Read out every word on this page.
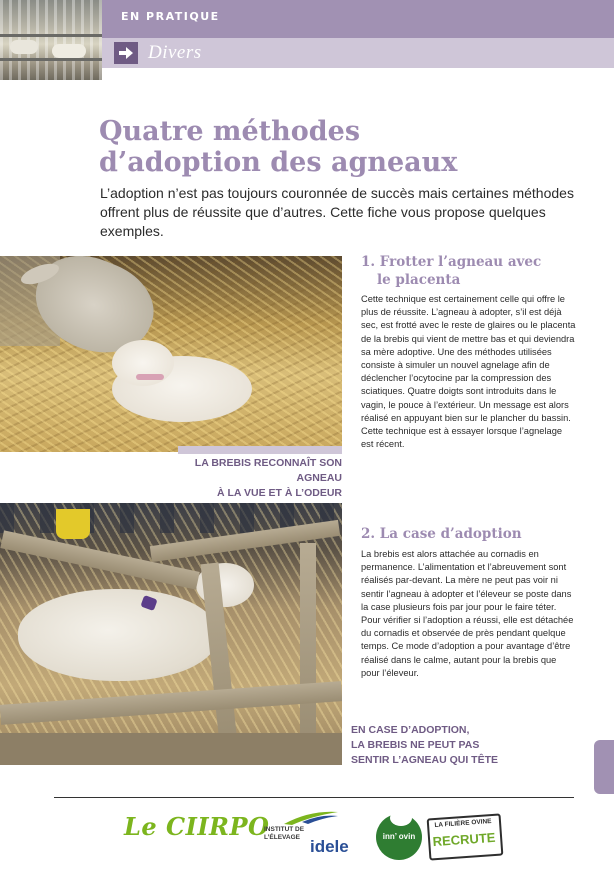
EN PRATIQUE
Divers
Quatre méthodes
d’adoption des agneaux

L’adoption n’est pas toujours couronnée de succès mais certaines méthodes offrent plus de réussite que d’autres. Cette fiche vous propose quelques exemples.

LA BREBIS RECONNAÎT SON AGNEAU
À LA VUE ET À L’ODEUR
1. Frotter l’agneau avec
le placenta

Cette technique est certainement celle qui offre le plus de réussite. L’agneau à adopter, s’il est déjà sec, est frotté avec le reste de glaires ou le placenta de la brebis qui vient de mettre bas et qui deviendra sa mère adoptive. Une des méthodes utilisées consiste à simuler un nouvel agnelage afin de déclencher l’ocytocine par la compression des sciatiques. Quatre doigts sont introduits dans le vagin, le pouce à l’extérieur. Un message est alors réalisé en appuyant bien sur le plancher du bassin. Cette technique est à essayer lorsque l’agnelage est récent.

2. La case d’adoption

La brebis est alors attachée au cornadis en permanence. L’alimentation et l’abreuvement sont réalisés par-devant. La mère ne peut pas voir ni sentir l’agneau à adopter et l’éleveur se poste dans la case plusieurs fois par jour pour le faire téter. Pour vérifier si l’adoption a réussi, elle est détachée du cornadis et observée de près pendant quelque temps. Ce mode d’adoption a pour avantage d’être réalisé dans le calme, autant pour la brebis que pour l’éleveur.

EN CASE D’ADOPTION,
LA BREBIS NE PEUT PAS
SENTIR L’AGNEAU QUI TÊTE
Le CIIRPO
INSTITUT DE L’ÉLEVAGE idele
inn’ ovin
LA FILIÈRE OVINE
RECRUTE
